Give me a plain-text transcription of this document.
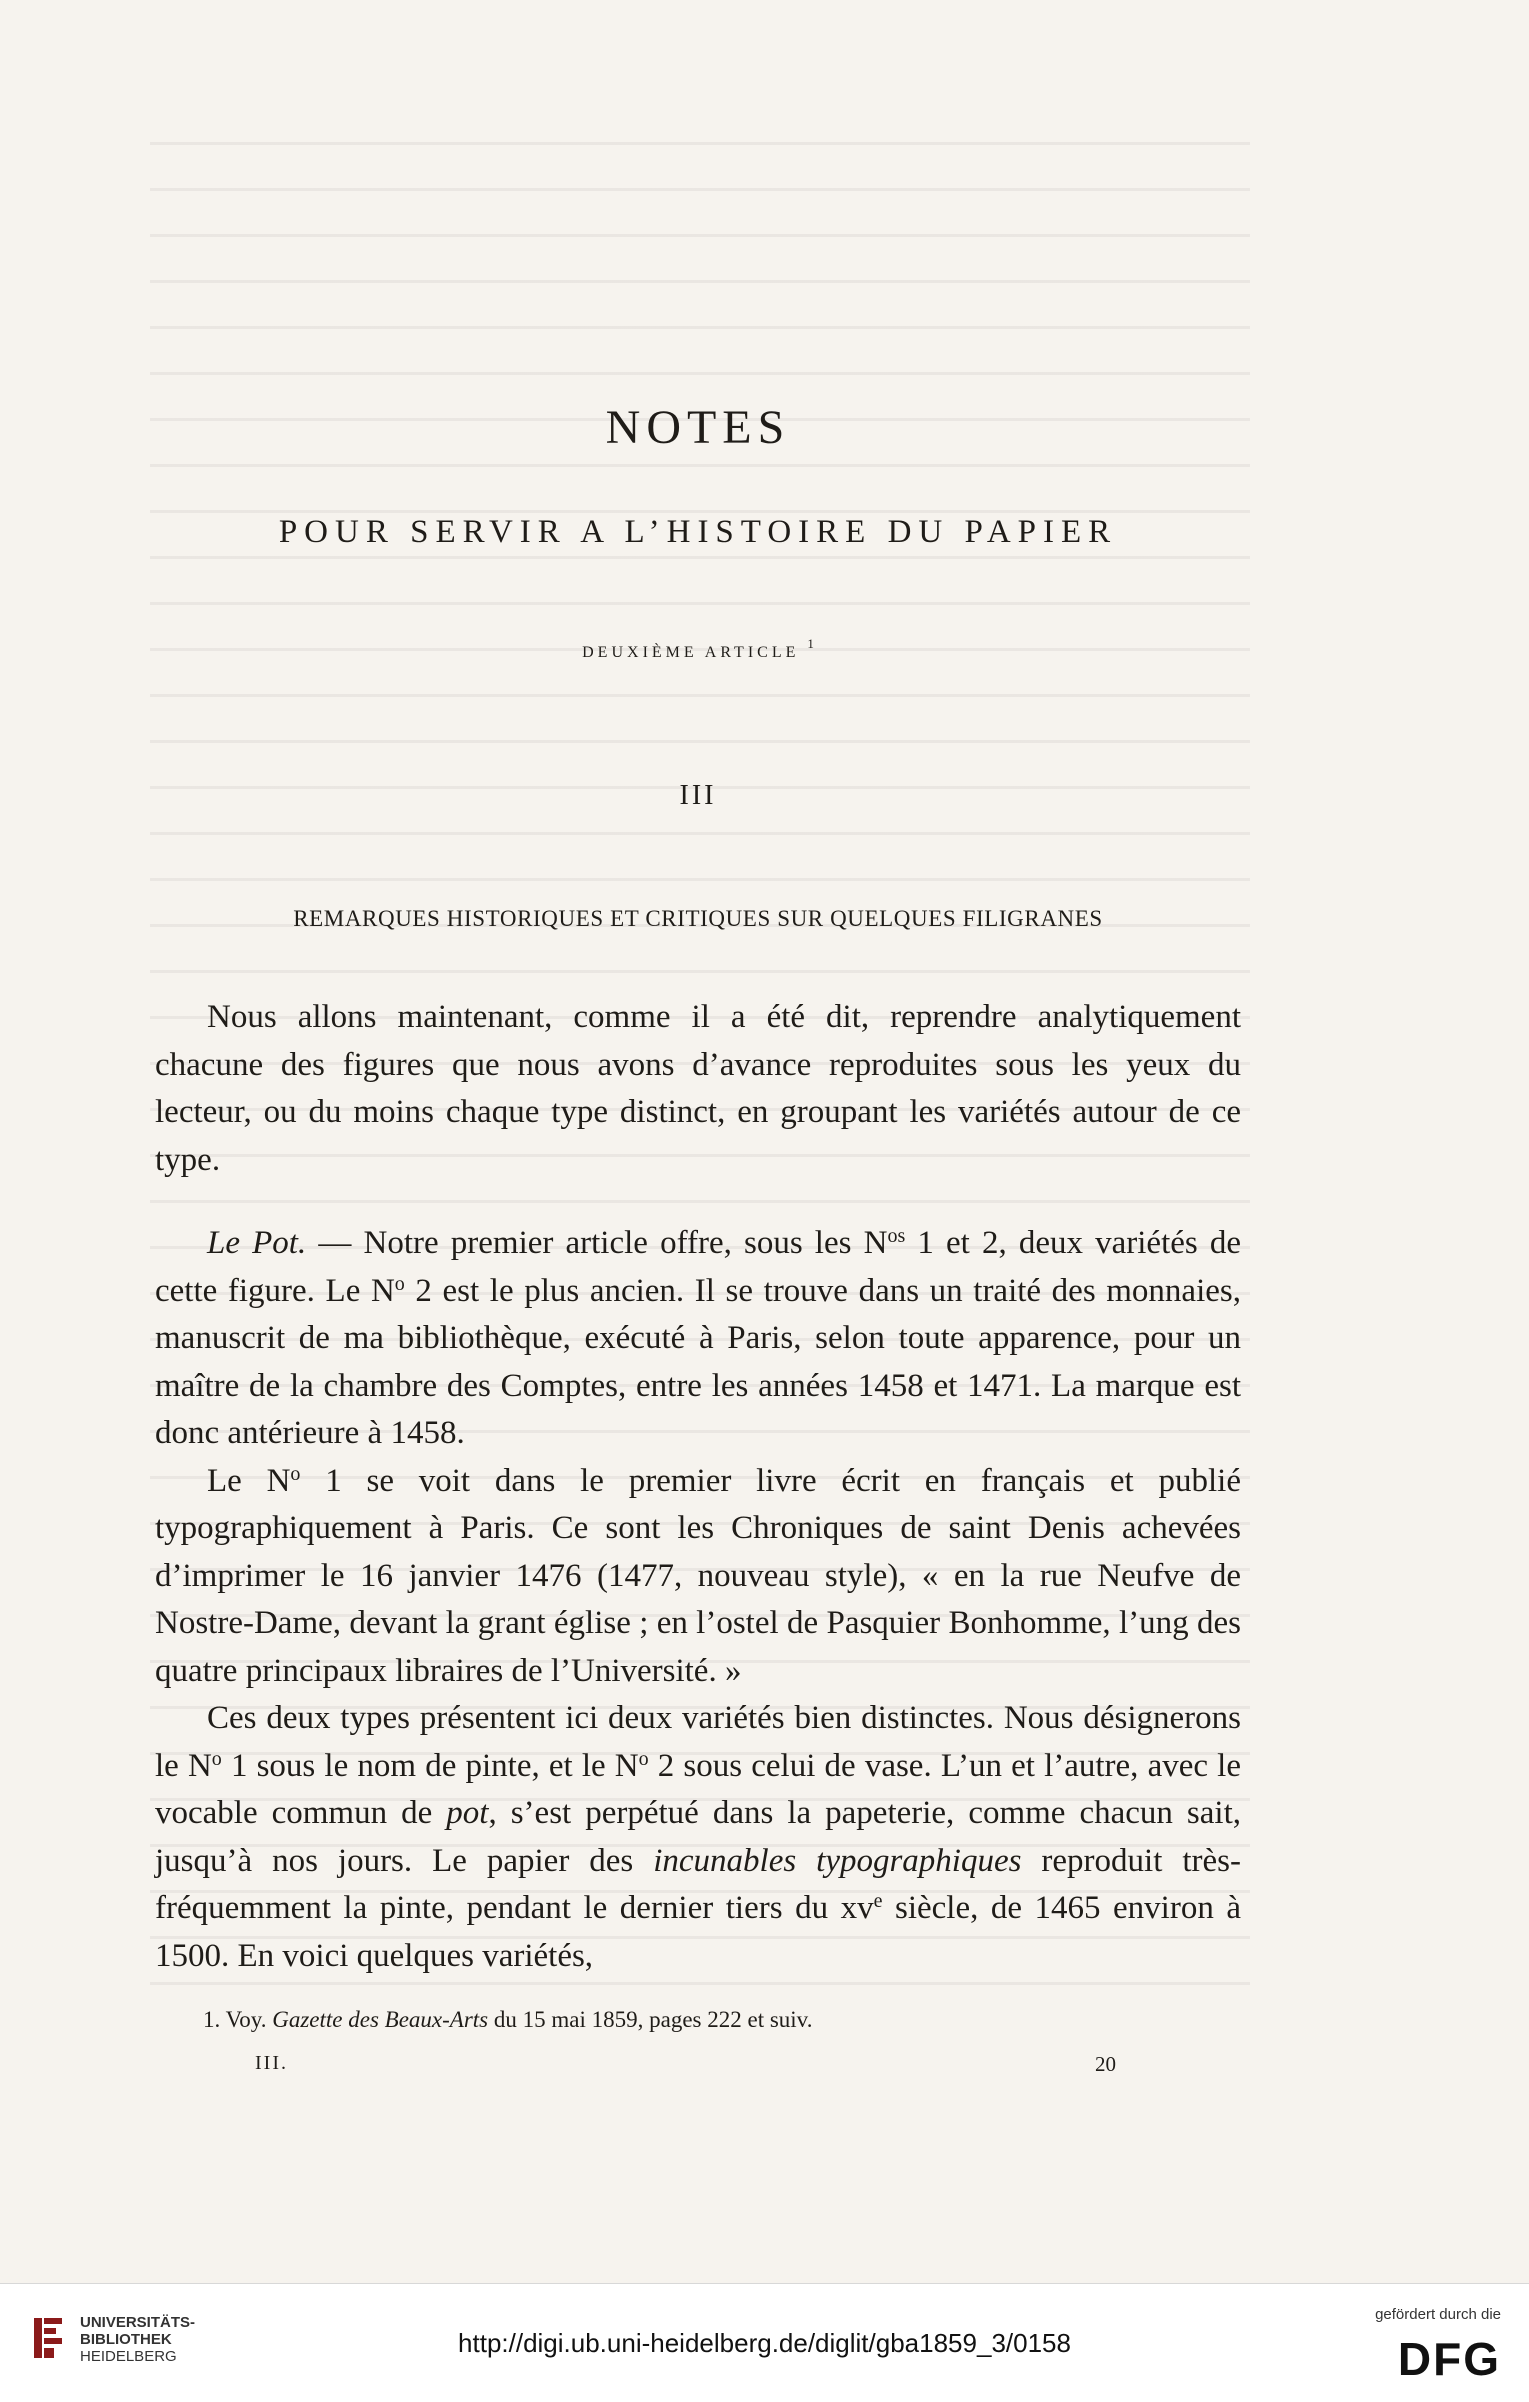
NOTES
POUR SERVIR A L’HISTOIRE DU PAPIER
DEUXIÈME ARTICLE $^1$
III
REMARQUES HISTORIQUES ET CRITIQUES SUR QUELQUES FILIGRANES

Nous allons maintenant, comme il a été dit, reprendre analytiquement chacune des figures que nous avons d’avance reproduites sous les yeux du lecteur, ou du moins chaque type distinct, en groupant les variétés autour de ce type.

Le Pot. — Notre premier article offre, sous les $N^{os}$ 1 et 2, deux variétés de cette figure. Le $N^o$ 2 est le plus ancien. Il se trouve dans un traité des monnaies, manuscrit de ma bibliothèque, exécuté à Paris, selon toute apparence, pour un maître de la chambre des Comptes, entre les années 1458 et 1471. La marque est donc antérieure à 1458.

Le $N^o$ 1 se voit dans le premier livre écrit en français et publié typographiquement à Paris. Ce sont les Chroniques de saint Denis achevées d’imprimer le 16 janvier 1476 (1477, nouveau style), « en la rue Neufve de Nostre-Dame, devant la grant église ; en l’ostel de Pasquier Bonhomme, l’ung des quatre principaux libraires de l’Université. »

Ces deux types présentent ici deux variétés bien distinctes. Nous désignerons le $N^o$ 1 sous le nom de pinte, et le $N^o$ 2 sous celui de vase. L’un et l’autre, avec le vocable commun de pot, s’est perpétué dans la papeterie, comme chacun sait, jusqu’à nos jours. Le papier des incunables typographiques reproduit très-fréquemment la pinte, pendant le dernier tiers du $xv^e$ siècle, de 1465 environ à 1500. En voici quelques variétés,

1. Voy. Gazette des Beaux-Arts du 15 mai 1859, pages 222 et suiv.
III.	20
UNIVERSITÄTS-
BIBLIOTHEK
HEIDELBERG	http://digi.ub.uni-heidelberg.de/diglit/gba1859_3/0158
gefördert durch die
DFG
